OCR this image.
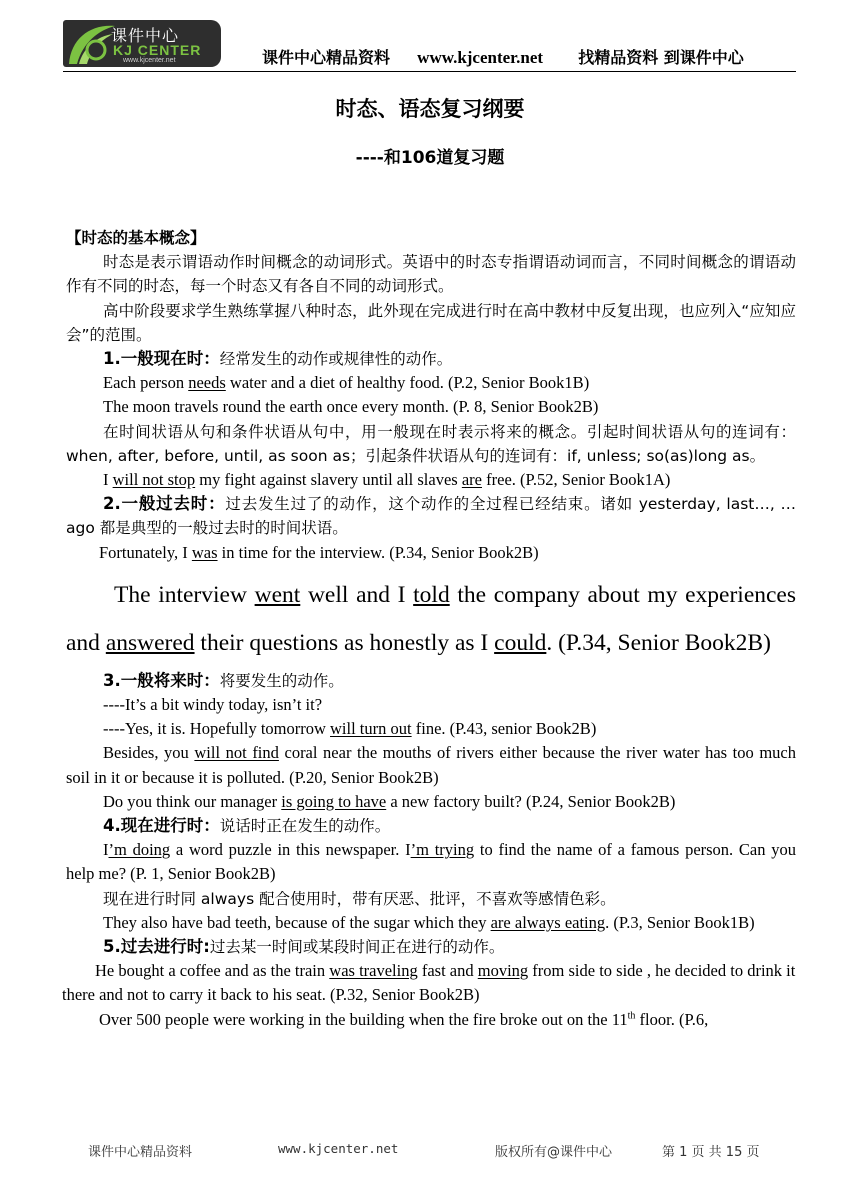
课件中心
KJ CENTER
www.kjcenter.net	课件中心精品资料 www.kjcenter.net 找精品资料 到课件中心
时态、语态复习纲要
----和106道复习题

【时态的基本概念】

时态是表示谓语动作时间概念的动词形式。英语中的时态专指谓语动词而言，不同时间概念的谓语动作有不同的时态，每一个时态又有各自不同的动词形式。

高中阶段要求学生熟练掌握八种时态，此外现在完成进行时在高中教材中反复出现，也应列入“应知应会”的范围。

1.一般现在时：经常发生的动作或规律性的动作。

Each person needs water and a diet of healthy food. (P.2, Senior Book1B)

The moon travels round the earth once every month. (P. 8, Senior Book2B)

在时间状语从句和条件状语从句中，用一般现在时表示将来的概念。引起时间状语从句的连词有：when, after, before, until, as soon as；引起条件状语从句的连词有：if, unless; so(as)long as。

I will not stop my fight against slavery until all slaves are free. (P.52, Senior Book1A)

2.一般过去时：过去发生过了的动作，这个动作的全过程已经结束。诸如 yesterday, last…, …ago 都是典型的一般过去时的时间状语。

Fortunately, I was in time for the interview. (P.34, Senior Book2B)

The interview went well and I told the company about my experiences and answered their questions as honestly as I could. (P.34, Senior Book2B)

3.一般将来时：将要发生的动作。

----It’s a bit windy today, isn’t it?

----Yes, it is. Hopefully tomorrow will turn out fine. (P.43, senior Book2B)

Besides, you will not find coral near the mouths of rivers either because the river water has too much soil in it or because it is polluted. (P.20, Senior Book2B)

Do you think our manager is going to have a new factory built? (P.24, Senior Book2B)

4.现在进行时：说话时正在发生的动作。

I’m doing a word puzzle in this newspaper. I’m trying to find the name of a famous person. Can you help me? (P. 1, Senior Book2B)

现在进行时同 always 配合使用时，带有厌恶、批评，不喜欢等感情色彩。

They also have bad teeth, because of the sugar which they are always eating. (P.3, Senior Book1B)

5.过去进行时:过去某一时间或某段时间正在进行的动作。

He bought a coffee and as the train was traveling fast and moving from side to side , he decided to drink it there and not to carry it back to his seat. (P.32, Senior Book2B)

Over 500 people were working in the building when the fire broke out on the 11th floor. (P.6,

课件中心精品资料	www.kjcenter.net	版权所有@课件中心	第 1 页 共 15 页
